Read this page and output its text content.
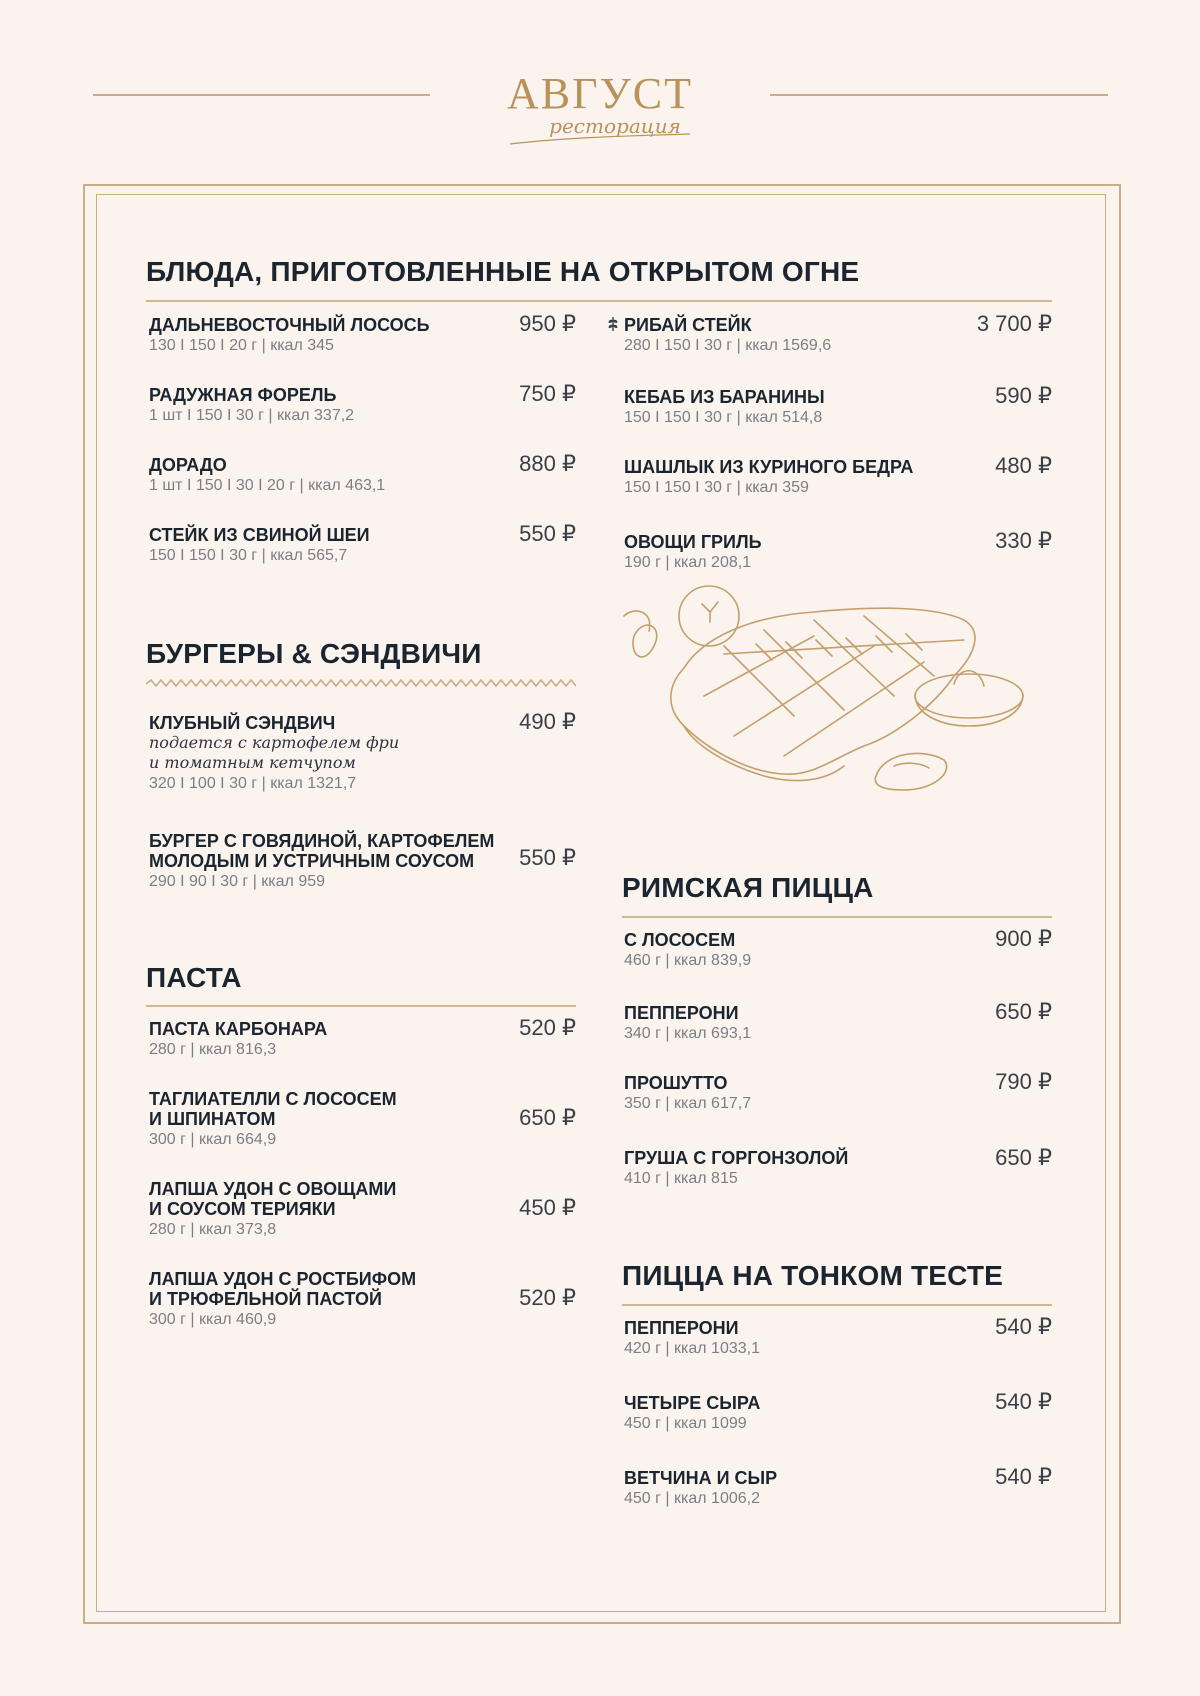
АВГУСТ
ресторация
БЛЮДА, ПРИГОТОВЛЕННЫЕ НА ОТКРЫТОМ ОГНЕ
ДАЛЬНЕВОСТОЧНЫЙ ЛОСОСЬ
130 I 150 I 20 г | ккал 345
950 ₽
РАДУЖНАЯ ФОРЕЛЬ
1 шт I 150 I 30 г | ккал 337,2
750 ₽
ДОРАДО
1 шт I 150 I 30 I 20 г | ккал 463,1
880 ₽
СТЕЙК ИЗ СВИНОЙ ШЕИ
150 I 150 I 30 г | ккал 565,7
550 ₽
РИБАЙ СТЕЙК
280 I 150 I 30 г | ккал 1569,6
3 700 ₽
КЕБАБ ИЗ БАРАНИНЫ
150 I 150 I 30 г | ккал 514,8
590 ₽
ШАШЛЫК ИЗ КУРИНОГО БЕДРА
150 I 150 I 30 г | ккал 359
480 ₽
ОВОЩИ ГРИЛЬ
190 г | ккал 208,1
330 ₽
БУРГЕРЫ & СЭНДВИЧИ
КЛУБНЫЙ СЭНДВИЧ
подается с картофелем фри
и томатным кетчупом
320 I 100 I 30 г | ккал 1321,7
490 ₽
БУРГЕР С ГОВЯДИНОЙ, КАРТОФЕЛЕМ
МОЛОДЫМ И УСТРИЧНЫМ СОУСОМ
290 I 90 I 30 г | ккал 959
550 ₽
ПАСТА
ПАСТА КАРБОНАРА
280 г | ккал 816,3
520 ₽
ТАГЛИАТЕЛЛИ С ЛОСОСЕМ
И ШПИНАТОМ
300 г | ккал 664,9
650 ₽
ЛАПША УДОН С ОВОЩАМИ
И СОУСОМ ТЕРИЯКИ
280 г | ккал 373,8
450 ₽
ЛАПША УДОН С РОСТБИФОМ
И ТРЮФЕЛЬНОЙ ПАСТОЙ
300 г | ккал 460,9
520 ₽
РИМСКАЯ ПИЦЦА
С ЛОСОСЕМ
460 г | ккал 839,9
900 ₽
ПЕППЕРОНИ
340 г | ккал 693,1
650 ₽
ПРОШУТТО
350 г | ккал 617,7
790 ₽
ГРУША С ГОРГОНЗОЛОЙ
410 г | ккал 815
650 ₽
ПИЦЦА НА ТОНКОМ ТЕСТЕ
ПЕППЕРОНИ
420 г | ккал 1033,1
540 ₽
ЧЕТЫРЕ СЫРА
450 г | ккал 1099
540 ₽
ВЕТЧИНА И СЫР
450 г | ккал 1006,2
540 ₽
